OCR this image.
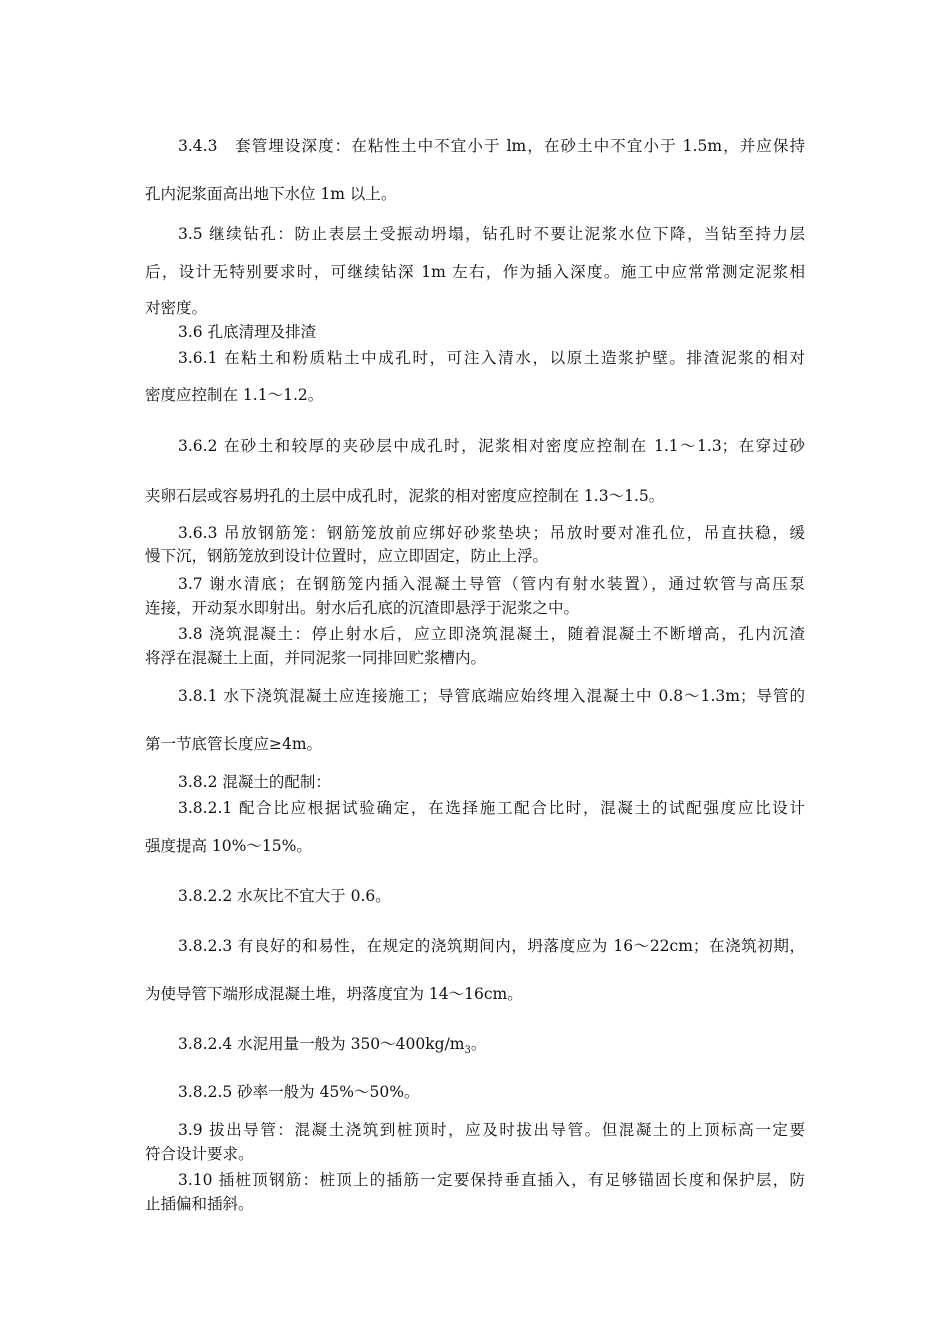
3.4.3　套管埋设深度：在粘性土中不宜小于 lm，在砂土中不宜小于 1.5m，并应保持
孔内泥浆面高出地下水位 1m 以上。
3.5 继续钻孔：防止表层土受振动坍塌，钻孔时不要让泥浆水位下降，当钻至持力层
后，设计无特别要求时，可继续钻深 1m 左右，作为插入深度。施工中应常常测定泥浆相
对密度。
3.6 孔底清理及排渣
3.6.1 在粘土和粉质粘土中成孔时，可注入清水，以原土造浆护壁。排渣泥浆的相对
密度应控制在 1.1～1.2。
3.6.2 在砂土和较厚的夹砂层中成孔时，泥浆相对密度应控制在 1.1～1.3；在穿过砂
夹卵石层或容易坍孔的土层中成孔时，泥浆的相对密度应控制在 1.3～1.5。
3.6.3 吊放钢筋笼：钢筋笼放前应绑好砂浆垫块；吊放时要对准孔位，吊直扶稳，缓
慢下沉，钢筋笼放到设计位置时，应立即固定，防止上浮。
3.7 谢水清底；在钢筋笼内插入混凝土导管（管内有射水装置），通过软管与高压泵
连接，开动泵水即射出。射水后孔底的沉渣即悬浮于泥浆之中。
3.8 浇筑混凝土：停止射水后，应立即浇筑混凝土，随着混凝土不断增高，孔内沉渣
将浮在混凝土上面，并同泥浆一同排回贮浆槽内。
3.8.1 水下浇筑混凝土应连接施工；导管底端应始终埋入混凝土中 0.8～1.3m；导管的
第一节底管长度应≥4m。
3.8.2 混凝土的配制：
3.8.2.1 配合比应根据试验确定，在选择施工配合比时，混凝土的试配强度应比设计
强度提高 10%～15%。
3.8.2.2 水灰比不宜大于 0.6。
3.8.2.3 有良好的和易性，在规定的浇筑期间内，坍落度应为 16～22cm；在浇筑初期，
为使导管下端形成混凝土堆，坍落度宜为 14～16cm。
3.8.2.4 水泥用量一般为 $350\sim 400kg/m_3$。
3.8.2.5 砂率一般为 45%～50%。
3.9 拔出导管：混凝土浇筑到桩顶时，应及时拔出导管。但混凝土的上顶标高一定要
符合设计要求。
3.10 插桩顶钢筋：桩顶上的插筋一定要保持垂直插入，有足够锚固长度和保护层，防
止插偏和插斜。
